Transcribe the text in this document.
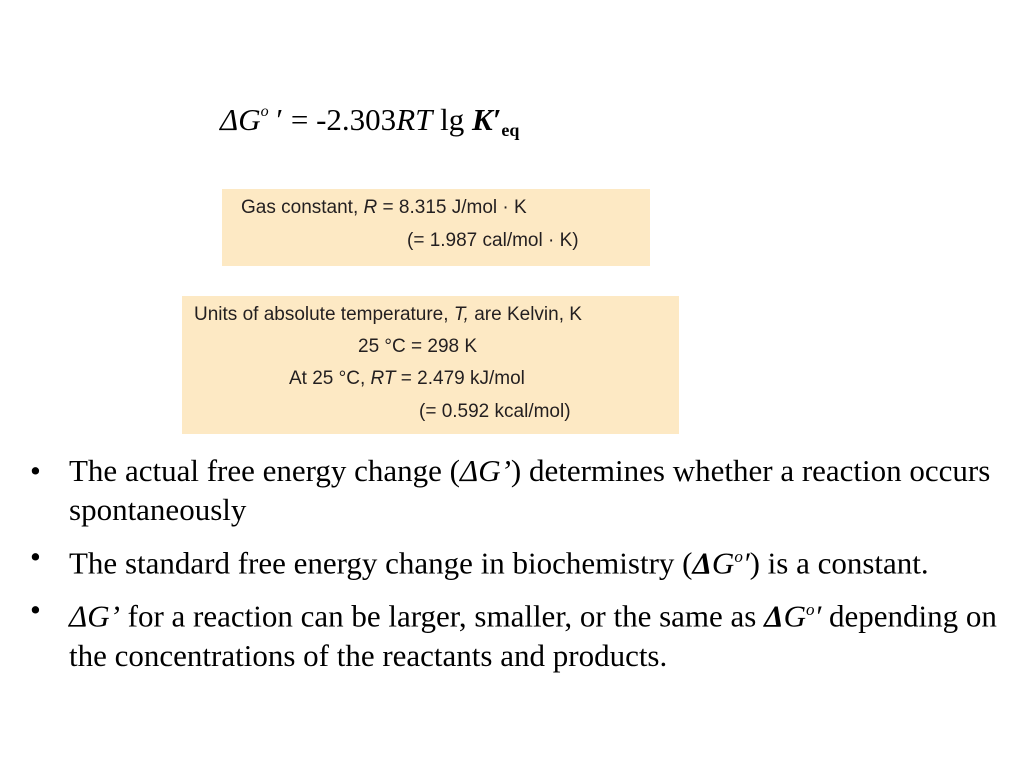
$\Delta G^o$ ′ = -2.303RT lg K′eq
Gas constant, R = 8.315 J/mol · K
(= 1.987 cal/mol · K)
Units of absolute temperature, T, are Kelvin, K
25 °C = 298 K
At 25 °C, RT = 2.479 kJ/mol
(= 0.592 kcal/mol)
• The actual free energy change (ΔG’) determines whether a reaction occurs spontaneously
• The standard free energy change in biochemistry $(\Delta G^o')$ is a constant.
• ΔG’ for a reaction can be larger, smaller, or the same as $\Delta G^o'$ depending on the concentrations of the reactants and products.
